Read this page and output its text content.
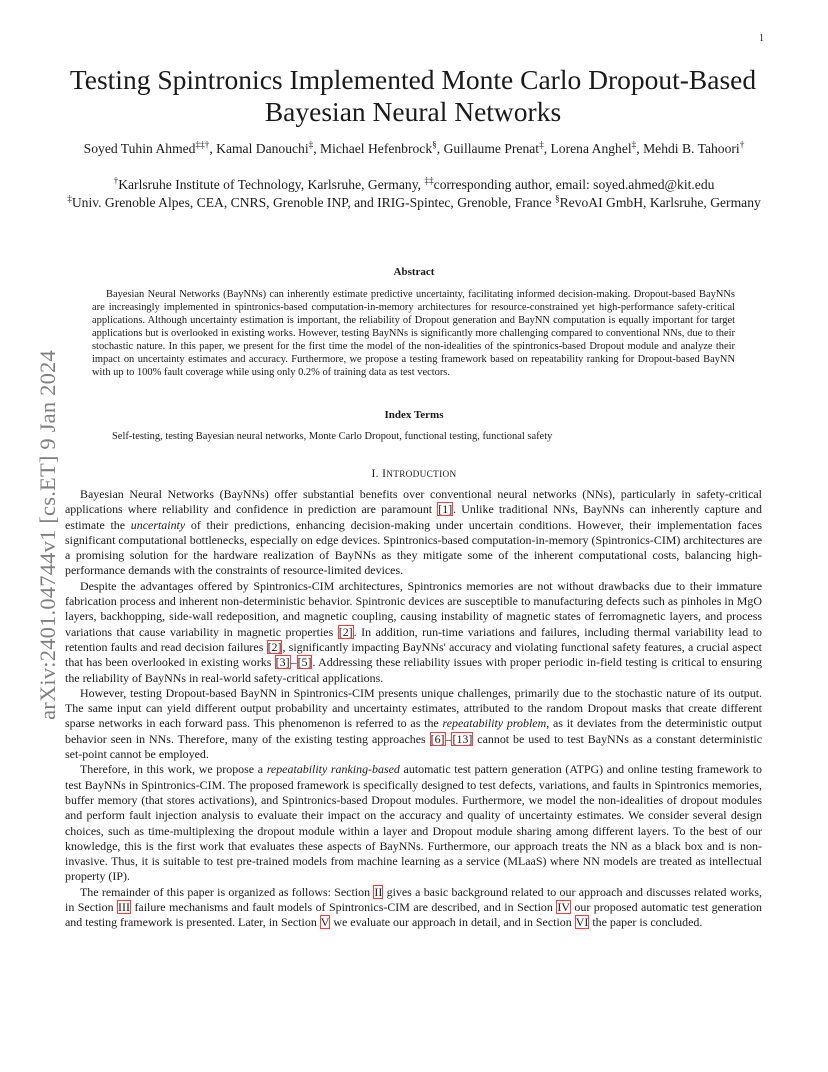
1
arXiv:2401.04744v1 [cs.ET] 9 Jan 2024
Testing Spintronics Implemented Monte Carlo Dropout-Based Bayesian Neural Networks
Soyed Tuhin Ahmed‡‡†, Kamal Danouchi‡, Michael Hefenbrock§, Guillaume Prenat‡, Lorena Anghel‡, Mehdi B. Tahoori†
†Karlsruhe Institute of Technology, Karlsruhe, Germany, ‡‡corresponding author, email: soyed.ahmed@kit.edu
‡Univ. Grenoble Alpes, CEA, CNRS, Grenoble INP, and IRIG-Spintec, Grenoble, France §RevoAI GmbH, Karlsruhe, Germany
Abstract

Bayesian Neural Networks (BayNNs) can inherently estimate predictive uncertainty, facilitating informed decision-making. Dropout-based BayNNs are increasingly implemented in spintronics-based computation-in-memory architectures for resource-constrained yet high-performance safety-critical applications. Although uncertainty estimation is important, the reliability of Dropout generation and BayNN computation is equally important for target applications but is overlooked in existing works. However, testing BayNNs is significantly more challenging compared to conventional NNs, due to their stochastic nature. In this paper, we present for the first time the model of the non-idealities of the spintronics-based Dropout module and analyze their impact on uncertainty estimates and accuracy. Furthermore, we propose a testing framework based on repeatability ranking for Dropout-based BayNN with up to 100% fault coverage while using only 0.2% of training data as test vectors.

Index Terms
Self-testing, testing Bayesian neural networks, Monte Carlo Dropout, functional testing, functional safety
I. INTRODUCTION

Bayesian Neural Networks (BayNNs) offer substantial benefits over conventional neural networks (NNs), particularly in safety-critical applications where reliability and confidence in prediction are paramount [1]. Unlike traditional NNs, BayNNs can inherently capture and estimate the uncertainty of their predictions, enhancing decision-making under uncertain conditions. However, their implementation faces significant computational bottlenecks, especially on edge devices. Spintronics-based computation-in-memory (Spintronics-CIM) architectures are a promising solution for the hardware realization of BayNNs as they mitigate some of the inherent computational costs, balancing high-performance demands with the constraints of resource-limited devices.

Despite the advantages offered by Spintronics-CIM architectures, Spintronics memories are not without drawbacks due to their immature fabrication process and inherent non-deterministic behavior. Spintronic devices are susceptible to manufacturing defects such as pinholes in MgO layers, backhopping, side-wall redeposition, and magnetic coupling, causing instability of magnetic states of ferromagnetic layers, and process variations that cause variability in magnetic properties [2]. In addition, run-time variations and failures, including thermal variability lead to retention faults and read decision failures [2], significantly impacting BayNNs' accuracy and violating functional safety features, a crucial aspect that has been overlooked in existing works [3]–[5]. Addressing these reliability issues with proper periodic in-field testing is critical to ensuring the reliability of BayNNs in real-world safety-critical applications.

However, testing Dropout-based BayNN in Spintronics-CIM presents unique challenges, primarily due to the stochastic nature of its output. The same input can yield different output probability and uncertainty estimates, attributed to the random Dropout masks that create different sparse networks in each forward pass. This phenomenon is referred to as the repeatability problem, as it deviates from the deterministic output behavior seen in NNs. Therefore, many of the existing testing approaches [6]–[13] cannot be used to test BayNNs as a constant deterministic set-point cannot be employed.

Therefore, in this work, we propose a repeatability ranking-based automatic test pattern generation (ATPG) and online testing framework to test BayNNs in Spintronics-CIM. The proposed framework is specifically designed to test defects, variations, and faults in Spintronics memories, buffer memory (that stores activations), and Spintronics-based Dropout modules. Furthermore, we model the non-idealities of dropout modules and perform fault injection analysis to evaluate their impact on the accuracy and quality of uncertainty estimates. We consider several design choices, such as time-multiplexing the dropout module within a layer and Dropout module sharing among different layers. To the best of our knowledge, this is the first work that evaluates these aspects of BayNNs. Furthermore, our approach treats the NN as a black box and is non-invasive. Thus, it is suitable to test pre-trained models from machine learning as a service (MLaaS) where NN models are treated as intellectual property (IP).

The remainder of this paper is organized as follows: Section II gives a basic background related to our approach and discusses related works, in Section III failure mechanisms and fault models of Spintronics-CIM are described, and in Section IV our proposed automatic test generation and testing framework is presented. Later, in Section V we evaluate our approach in detail, and in Section VI the paper is concluded.
